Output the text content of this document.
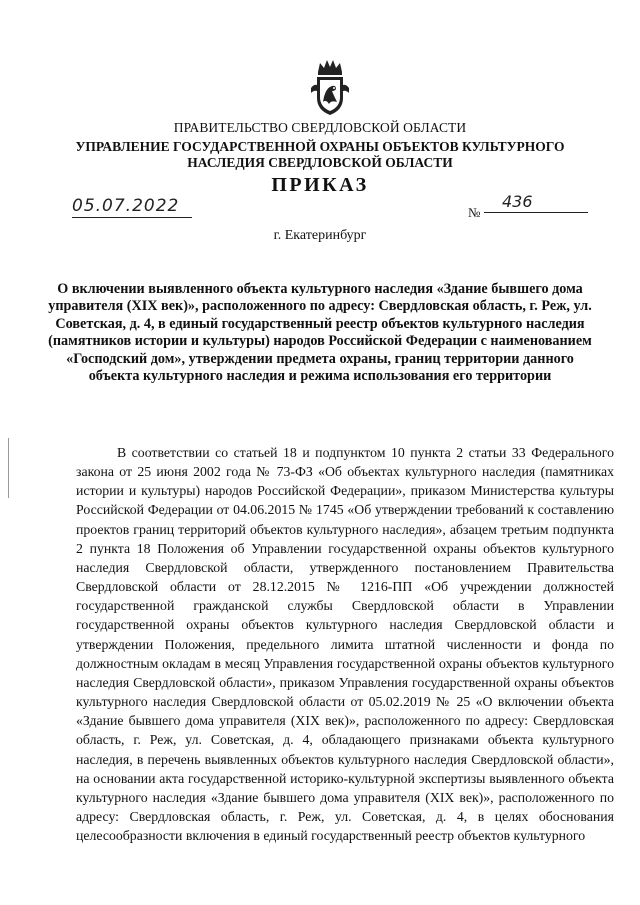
ПРАВИТЕЛЬСТВО СВЕРДЛОВСКОЙ ОБЛАСТИ
УПРАВЛЕНИЕ ГОСУДАРСТВЕННОЙ ОХРАНЫ ОБЪЕКТОВ КУЛЬТУРНОГО НАСЛЕДИЯ СВЕРДЛОВСКОЙ ОБЛАСТИ
ПРИКАЗ
05.07.2022	№
436
г. Екатеринбург
О включении выявленного объекта культурного наследия «Здание бывшего дома управителя (XIX век)», расположенного по адресу: Свердловская область, г. Реж, ул. Советская, д. 4, в единый государственный реестр объектов культурного наследия (памятников истории и культуры) народов Российской Федерации с наименованием «Господский дом», утверждении предмета охраны, границ территории данного объекта культурного наследия и режима использования его территории

В соответствии со статьей 18 и подпунктом 10 пункта 2 статьи 33 Федерального закона от 25 июня 2002 года № 73-ФЗ «Об объектах культурного наследия (памятниках истории и культуры) народов Российской Федерации», приказом Министерства культуры Российской Федерации от 04.06.2015 № 1745 «Об утверждении требований к составлению проектов границ территорий объектов культурного наследия», абзацем третьим подпункта 2 пункта 18 Положения об Управлении государственной охраны объектов культурного наследия Свердловской области, утвержденного постановлением Правительства Свердловской области от 28.12.2015 № 1216-ПП «Об учреждении должностей государственной гражданской службы Свердловской области в Управлении государственной охраны объектов культурного наследия Свердловской области и утверждении Положения, предельного лимита штатной численности и фонда по должностным окладам в месяц Управления государственной охраны объектов культурного наследия Свердловской области», приказом Управления государственной охраны объектов культурного наследия Свердловской области от 05.02.2019 № 25 «О включении объекта «Здание бывшего дома управителя (XIX век)», расположенного по адресу: Свердловская область, г. Реж, ул. Советская, д. 4, обладающего признаками объекта культурного наследия, в перечень выявленных объектов культурного наследия Свердловской области», на основании акта государственной историко-культурной экспертизы выявленного объекта культурного наследия «Здание бывшего дома управителя (XIX век)», расположенного по адресу: Свердловская область, г. Реж, ул. Советская, д. 4, в целях обоснования целесообразности включения в единый государственный реестр объектов культурного
